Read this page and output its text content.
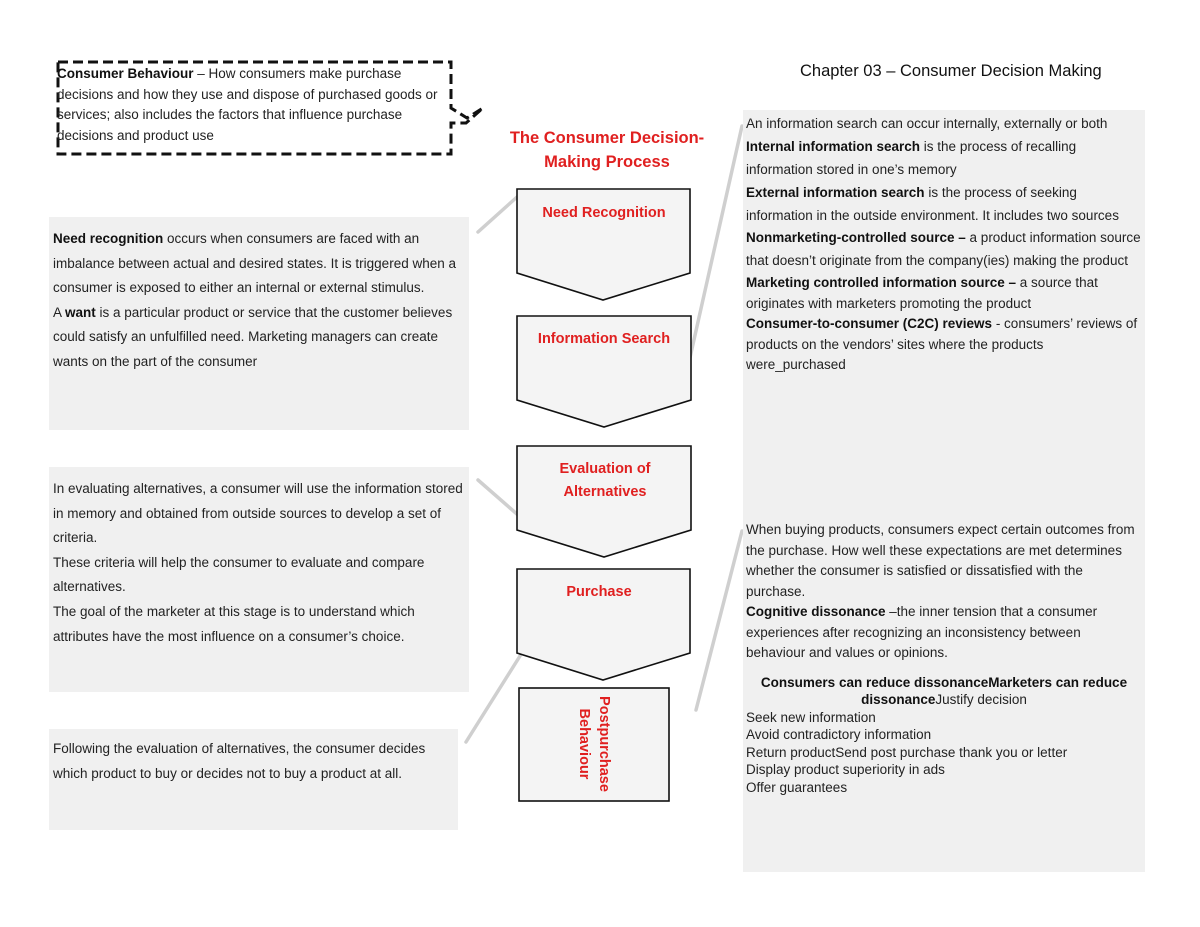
Consumer Behaviour – How consumers make purchase decisions and how they use and dispose of purchased goods or services; also includes the factors that influence purchase decisions and product use
Chapter 03 – Consumer Decision Making
The Consumer Decision-Making Process
Need Recognition
Information Search
Evaluation of Alternatives
Purchase
Postpurchase Behaviour

Need recognition occurs when consumers are faced with an imbalance between actual and desired states. It is triggered when a consumer is exposed to either an internal or external stimulus.

A want is a particular product or service that the customer believes could satisfy an unfulfilled need. Marketing managers can create wants on the part of the consumer

In evaluating alternatives, a consumer will use the information stored in memory and obtained from outside sources to develop a set of criteria.

These criteria will help the consumer to evaluate and compare alternatives.

The goal of the marketer at this stage is to understand which attributes have the most influence on a consumer’s choice.

Following the evaluation of alternatives, the consumer decides which product to buy or decides not to buy a product at all.

An information search can occur internally, externally or both

Internal information search is the process of recalling information stored in one’s memory

External information search is the process of seeking information in the outside environment. It includes two sources

Nonmarketing-controlled source – a product information source that doesn’t originate from the company(ies) making the product

Marketing controlled information source – a source that originates with marketers promoting the product

Consumer-to-consumer (C2C) reviews - consumers’ reviews of products on the vendors’ sites where the products were_purchased

When buying products, consumers expect certain outcomes from the purchase. How well these expectations are met determines whether the consumer is satisfied or dissatisfied with the purchase.

Cognitive dissonance –the inner tension that a consumer experiences after recognizing an inconsistency between behaviour and values or opinions.

Consumers can reduce dissonanceMarketers can reduce dissonanceJustify decision

Seek new information

Avoid contradictory information

Return productSend post purchase thank you or letter

Display product superiority in ads

Offer guarantees
